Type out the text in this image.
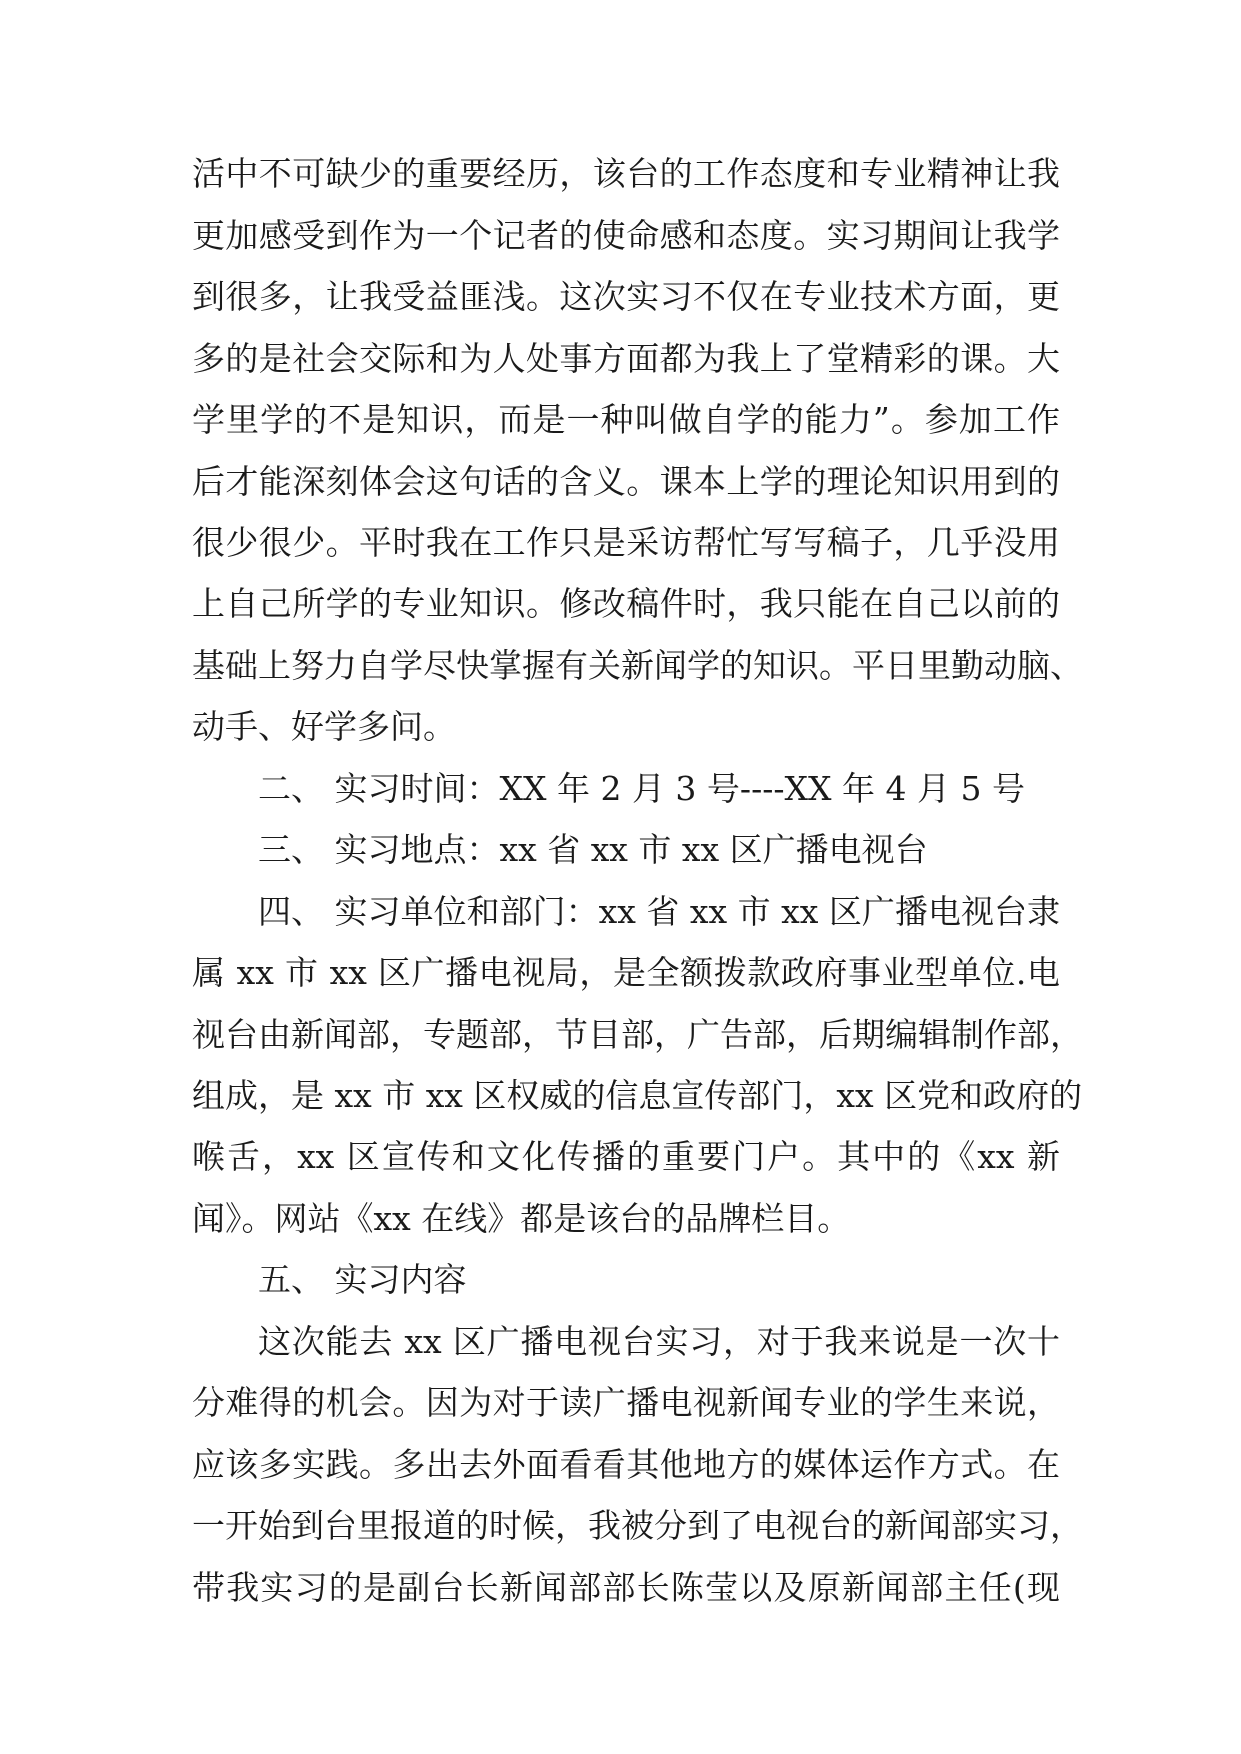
活中不可缺少的重要经历，该台的工作态度和专业精神让我
更加感受到作为一个记者的使命感和态度。实习期间让我学
到很多，让我受益匪浅。这次实习不仅在专业技术方面，更
多的是社会交际和为人处事方面都为我上了堂精彩的课。大
学里学的不是知识，而是一种叫做自学的能力”。参加工作
后才能深刻体会这句话的含义。课本上学的理论知识用到的
很少很少。平时我在工作只是采访帮忙写写稿子，几乎没用
上自己所学的专业知识。修改稿件时，我只能在自己以前的
基础上努力自学尽快掌握有关新闻学的知识。平日里勤动脑、
动手、好学多问。
二、 实习时间：XX 年 2 月 3 号----XX 年 4 月 5 号
三、 实习地点：xx 省 xx 市 xx 区广播电视台
四、 实习单位和部门：xx 省 xx 市 xx 区广播电视台隶
属 xx 市 xx 区广播电视局，是全额拨款政府事业型单位.电
视台由新闻部，专题部，节目部，广告部，后期编辑制作部，
组成，是 xx 市 xx 区权威的信息宣传部门，xx 区党和政府的
喉舌，xx 区宣传和文化传播的重要门户。其中的《xx 新
闻》。网站《xx 在线》都是该台的品牌栏目。
五、 实习内容
这次能去 xx 区广播电视台实习，对于我来说是一次十
分难得的机会。因为对于读广播电视新闻专业的学生来说，
应该多实践。多出去外面看看其他地方的媒体运作方式。在
一开始到台里报道的时候，我被分到了电视台的新闻部实习，
带我实习的是副台长新闻部部长陈莹以及原新闻部主任(现
